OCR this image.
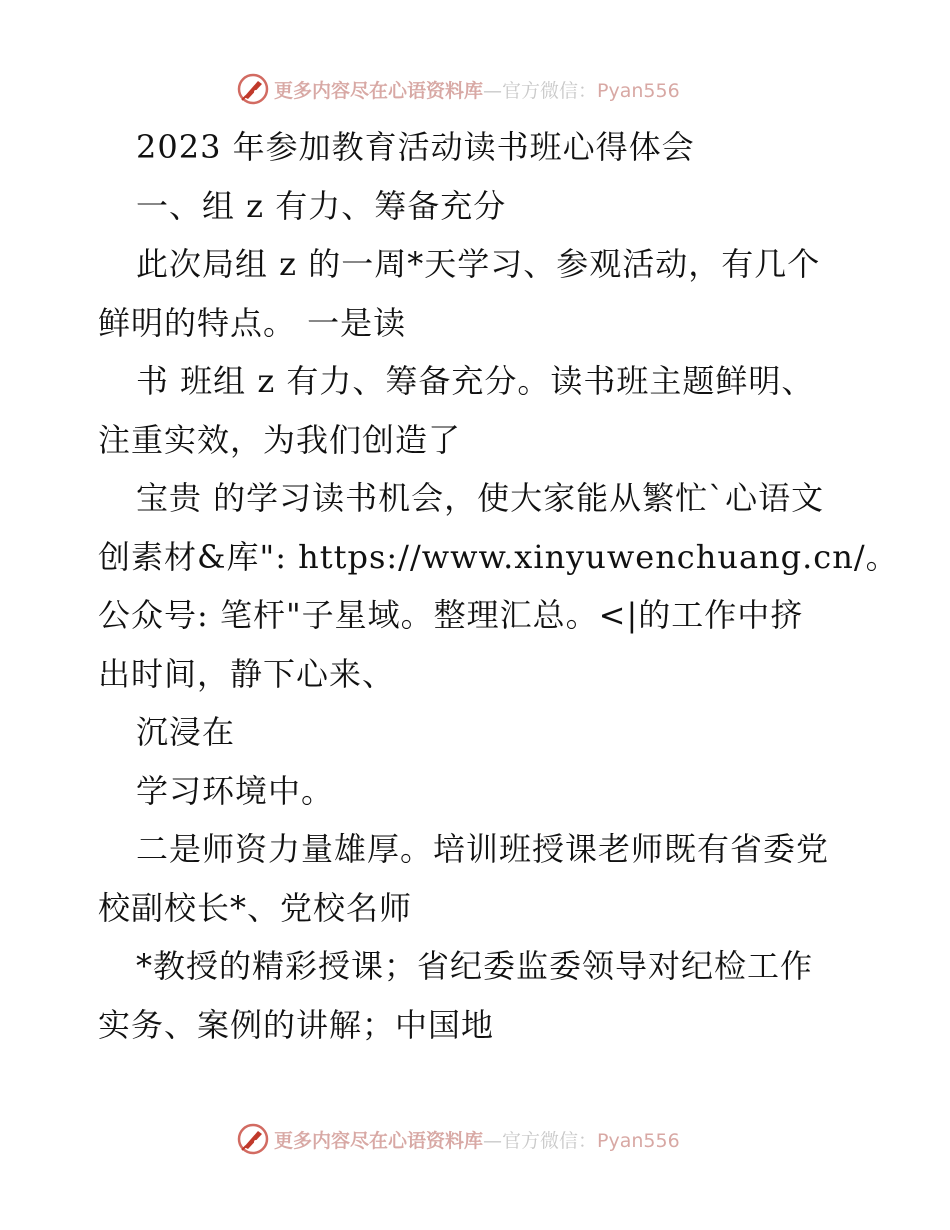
更多内容尽在心语资料库—官方微信：Pyan556
2023 年参加教育活动读书班心得体会
一、组 z 有力、筹备充分
此次局组 z 的一周*天学习、参观活动，有几个
鲜明的特点。 一是读
书 班组 z 有力、筹备充分。读书班主题鲜明、
注重实效，为我们创造了
宝贵 的学习读书机会，使大家能从繁忙ˋ心语文
创素材&库": https://www.xinyuwenchuang.cn/。
公众号: 笔杆"子星域。整理汇总。<|的工作中挤
出时间，静下心来、
沉浸在
学习环境中。
二是师资力量雄厚。培训班授课老师既有省委党
校副校长*、党校名师
*教授的精彩授课；省纪委监委领导对纪检工作
实务、案例的讲解；中国地
更多内容尽在心语资料库—官方微信：Pyan556
